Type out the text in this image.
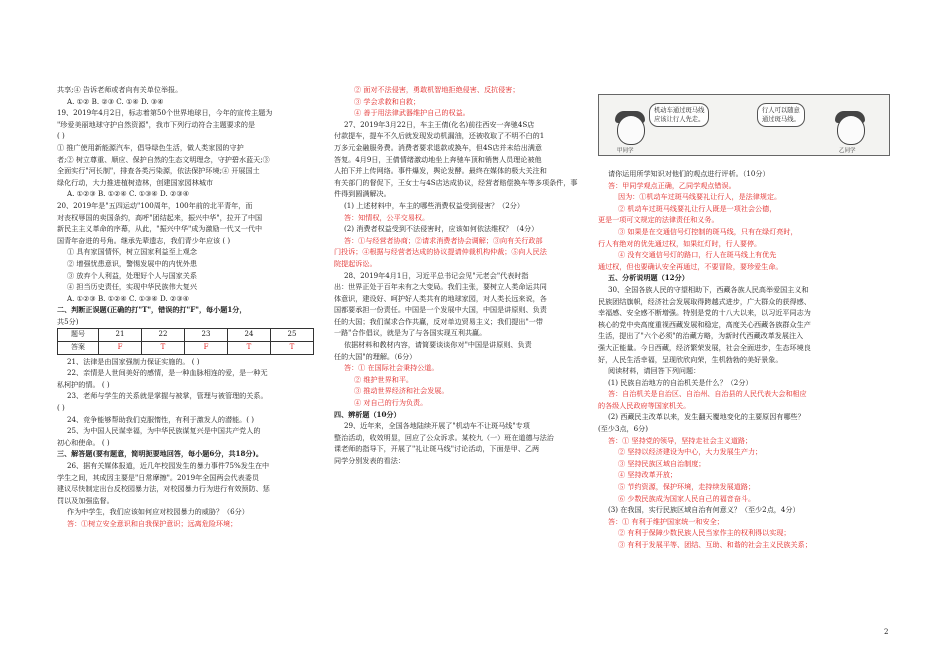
共享;④ 告诉老师或者向有关单位举报。

A. ①② B. ②③ C. ①④ D. ③④

19、2019年4月2日，标志着第50个世界地球日，今年的宣传主题为

"珍爱美丽地球守护自然资源"，我市下列行动符合主题要求的是

( )

① 推广使用新能源汽车，倡导绿色生活，做人类家园的守护

者;② 树立尊重、顺应、保护自然的生态文明理念，守护碧水蓝天;③

全面实行"河长制"，排查各类污染源，依法保护环境;④ 开展国土

绿化行动，大力推进植树造林，创建国家园林城市

A. ①②③ B. ①②④ C. ①③④ D. ②③④

20、2019年是"五四运动"100周年，100年前的北平青年，而

对丧权辱国的卖国条约，高呼"团结起来，振兴中华"，拉开了中国

新民主主义革命的序幕，从此，"振兴中华"成为激励一代又一代中

国青年奋进的号角。继承先辈遗志，我们青少年应该 ( )

① 具有家国情怀，树立国家利益至上观念

② 增强忧患意识，警惕发展中的内忧外患

③ 放弃个人利益，处理好个人与国家关系

④ 担当历史责任，实现中华民族伟大复兴

A. ①②③ B. ①②④ C. ①③④ D. ②③④

二、判断正误题(正确的打"T"，错误的打"F"，每小题1分，

共5分)

题号	21	22	23	24	25
答案	F	T	F	T	T

21、法律是由国家强制力保证实施的。 ( )

22、亲情是人世间美好的感情，是一种血脉相连的爱，是一种无

私柯护的情。 ( )

23、老师与学生的关系就是掌握与被掌，管理与被管理的关系。

( )

24、竞争能够帮助我们克服惰性，有利于激发人的潜能。( )

25、为中国人民谋幸福，为中华民族谋复兴是中国共产党人的

初心和使命。 ( )

三、解答题(要有题意，简明扼要地回答，每小题6分，共18分)。

26、据有关媒体报道，近几年校园发生的暴力事件75%发生在中

学生之间，其成因主要是"日常摩擦"。2019年全国两会代表委员

建议尽快制定出台反校园暴力法，对校园暴力行为进行有效预防、惩

罚以及加强监督。

作为中学生，我们应该如何应对校园暴力的威胁？（6分）

答：①树立安全意识和自我保护意识；远离危险环境；

② 面对不法侵害，勇敢机智地拒绝侵害、反抗侵害；

③ 学会求救和自救；

④ 善于用法律武器维护自己的权益。

27、2019年3月22日，车主王倩(化名)前往西安一奔驰4S店

付款提车，提车不久后就发现发动机漏油，还被收取了不明不白的1

万多元金融服务费。消费者要求退款或换车，但4S店并未给出满意

答复。4月9日，王倩情绪激动地坐上奔驰车顶和销售人员理论被他

人拍下并上传网络。事件爆发，舆论发酵。最终在媒体的极大关注和

有关部门的督促下，王女士与4S店达成协议，经营者赔偿换车等多项条件，事

件得到圆满解决。

(1) 上述材料中，车主的哪些消费权益受到侵害？（2分）

答：知情权，公平交易权。

(2) 消费者权益受到不法侵害时，应该如何依法维权？（4分）

答：①与经营者协商；②请求消费者协会调解；③向有关行政部

门投诉；④根据与经营者达成的协议提请仲裁机构仲裁；⑤向人民法

院提起诉讼。

28、2019年4月1日，习近平总书记会见"元老会"代表时指

出：世界正处于百年未有之大变局。我们主张，要树立人类命运共同

体意识，建设好、呵护好人类共有的地球家园，对人类长远来说，各

国都要承担一份责任。中国是一个发展中大国，中国是讲原则、负责

任的大国；我们谋求合作共赢，反对单边贸易主义；我们提出"一带

一路"合作倡议，就是为了与各国实现互利共赢。

依据材料和教材内容，请简要谈谈你对"中国是讲原则、负责

任的大国"的理解。（6分）

答：① 在国际社会秉持公道。

② 维护世界和平。

③ 推动世界经济和社会发展。

④ 对自己的行为负责。

四、辨析题（10分）

29、近年来，全国各地陆续开展了"机动车不让斑马线"专项

整治活动，收效明显，回应了公众诉求。某校九（一）班在道德与法治

课老师的指导下，开展了"礼让斑马线"讨论活动，下面是甲、乙两

同学分别发表的看法：

甲同学
机动车通过斑马线
应该让行人先走。
行人可以随意
通过斑马线。
乙同学

请你运用所学知识对他们的观点进行评析。（10分）

答：甲同学观点正确，乙同学观点错误。

因为：①机动车过斑马线要礼让行人，是法律规定。

② 机动车过斑马线要礼让行人既是一项社会公德，

更是一项可文规定的法律责任和义务。

③ 如果是在交通信号灯控制的斑马线，只有在绿灯亮时，

行人有绝对的优先通过权，如果红灯时，行人要停。

④ 没有交通信号灯的路口，行人在斑马线上有优先

通过权，但也要确认安全再通过，不要冒险，要珍爱生命。

五、分析说明题（12分）

30、全国各族人民的守望相助下，西藏各族人民高举爱国主义和

民族团结旗帜，经济社会发展取得跨越式进步，广大群众的获得感、

幸福感、安全感不断增强。特别是党的十八大以来，以习近平同志为

核心的党中央高度重视西藏发展和稳定，高度关心西藏各族群众生产

生活，提出了"六个必须"的治藏方略，为新时代西藏改革发展注入

强大正能量。今日西藏，经济繁荣发展，社会全面进步，生态环境良

好，人民生活幸福，呈现欣欣向荣，生机勃勃的美好景象。

阅读材料，请回答下列问题：

(1) 民族自治地方的自治机关是什么？（2分）

答：自治机关是自治区、自治州、自治县的人民代表大会和相应

的各级人民政府等国家机关。

(2) 西藏民主改革以来，发生翻天覆地变化的主要原因有哪些？

(至少3点，6分)

答：① 坚持党的领导，坚持走社会主义道路；

② 坚持以经济建设为中心，大力发展生产力；

③ 坚持民族区域自治制度；

④ 坚持改革开放；

⑤ 节约资源，保护环境，走持续发展道路；

⑥ 少数民族成为国家人民自己的福音奋斗。

(3) 在我国，实行民族区域自治有何意义？（至少2点，4分）

答：① 有利于维护国家统一和安全；

② 有利于保障少数民族人民当家作主的权利得以实现；

③ 有利于发展平等、团结、互助、和谐的社会主义民族关系；

2
